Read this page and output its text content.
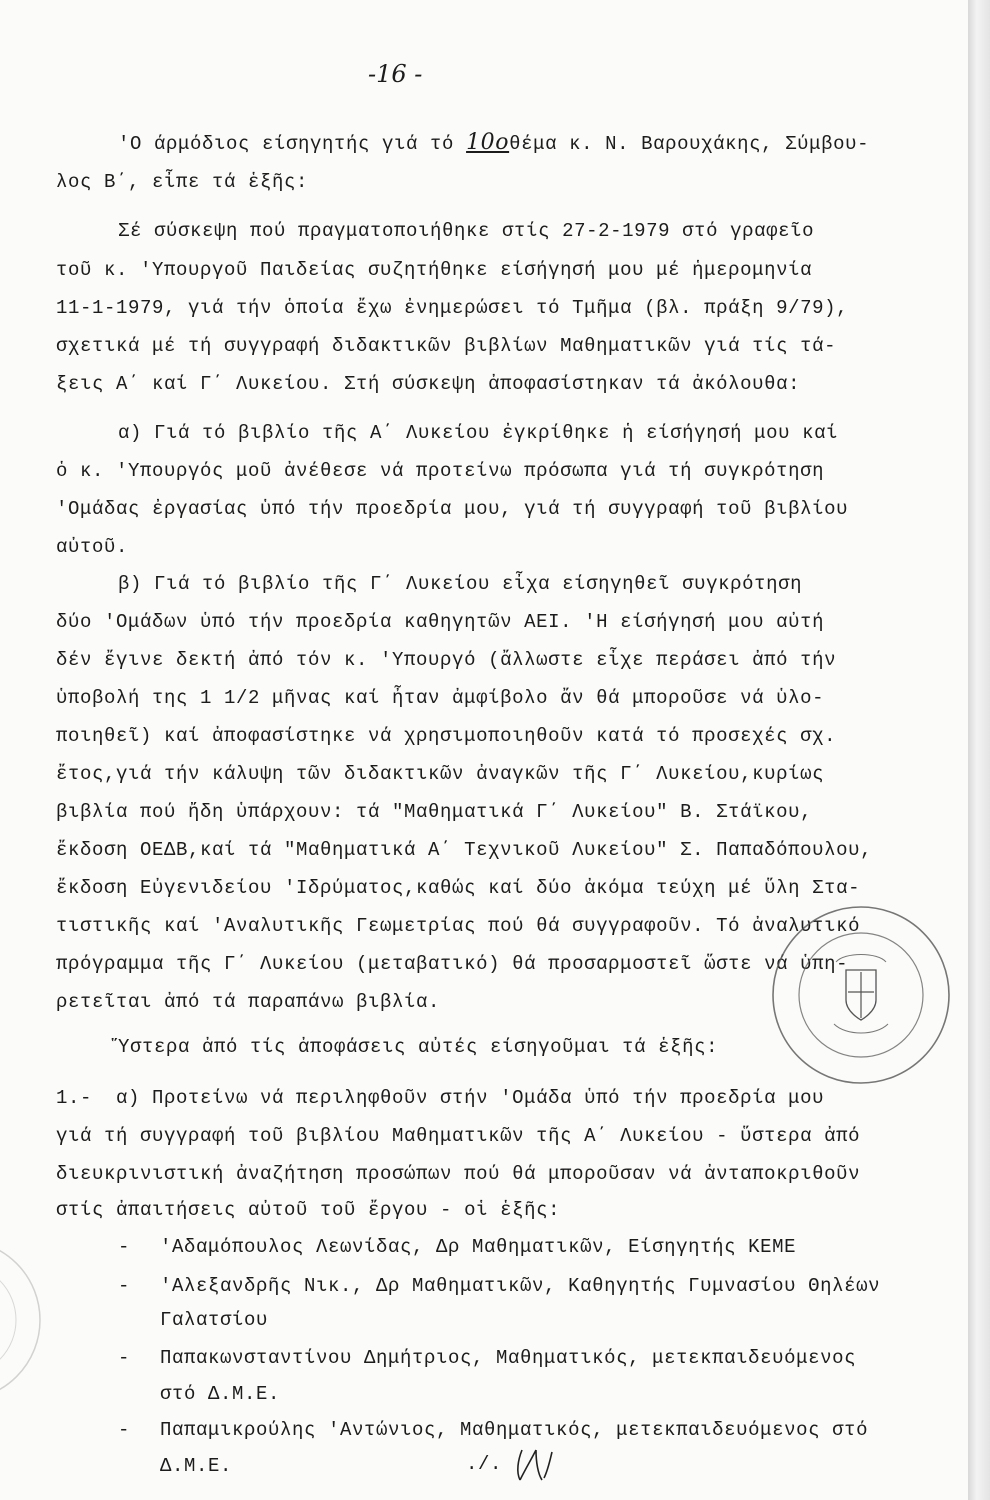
-16 -
'Ο άρμόδιος είσηγητής γιά τό 10οθέμα κ. Ν. Βαρουχάκης, Σύμβου-
λος Β΄, εἶπε τά ἑξῆς:
Σέ σύσκεψη πού πραγματοποιήθηκε στίς 27-2-1979 στό γραφεῖο
τοῦ κ. 'Υπουργοῦ Παιδείας συζητήθηκε είσήγησή μου μέ ἡμερομηνία
11-1-1979, γιά τήν ὁποία ἔχω ἐνημερώσει τό Τμῆμα (βλ. πράξη 9/79),
σχετικά μέ τή συγγραφή διδακτικῶν βιβλίων Μαθηματικῶν γιά τίς τά-
ξεις Α΄ καί Γ΄ Λυκείου. Στή σύσκεψη ἀποφασίστηκαν τά ἀκόλουθα:
α) Γιά τό βιβλίο τῆς Α΄ Λυκείου ἐγκρίθηκε ἡ είσήγησή μου καί
ὁ κ. 'Υπουργός μοῦ ἀνέθεσε νά προτείνω πρόσωπα γιά τή συγκρότηση
'Ομάδας ἐργασίας ὑπό τήν προεδρία μου, γιά τή συγγραφή τοῦ βιβλίου
αὐτοῦ.
β) Γιά τό βιβλίο τῆς Γ΄ Λυκείου εἶχα είσηγηθεῖ συγκρότηση
δύο 'Ομάδων ὑπό τήν προεδρία καθηγητῶν ΑΕΙ. 'Η είσήγησή μου αὐτή
δέν ἔγινε δεκτή ἀπό τόν κ. 'Υπουργό (ἄλλωστε εἶχε περάσει ἀπό τήν
ὑποβολή της 1 1/2 μῆνας καί ἦταν ἀμφίβολο ἄν θά μποροῦσε νά ὑλο-
ποιηθεῖ) καί ἀποφασίστηκε νά χρησιμοποιηθοῦν κατά τό προσεχές σχ.
ἔτος,γιά τήν κάλυψη τῶν διδακτικῶν ἀναγκῶν τῆς Γ΄ Λυκείου,κυρίως
βιβλία πού ἤδη ὑπάρχουν: τά "Μαθηματικά Γ΄ Λυκείου" Β. Στάϊκου,
ἔκδοση ΟΕΔΒ,καί τά "Μαθηματικά Α΄ Τεχνικοῦ Λυκείου" Σ. Παπαδόπουλου,
ἔκδοση Εὐγενιδείου 'Ιδρύματος,καθώς καί δύο ἀκόμα τεύχη μέ ὕλη Στα-
τιστικῆς καί 'Αναλυτικῆς Γεωμετρίας πού θά συγγραφοῦν. Τό ἀναλυτικό
πρόγραμμα τῆς Γ΄ Λυκείου (μεταβατικό) θά προσαρμοστεῖ ὥστε νά ὑπη-
ρετεῖται ἀπό τά παραπάνω βιβλία.
Ὕστερα ἀπό τίς ἀποφάσεις αὐτές είσηγοῦμαι τά ἑξῆς:
1.-  α) Προτείνω νά περιληφθοῦν στήν 'Ομάδα ὑπό τήν προεδρία μου
γιά τή συγγραφή τοῦ βιβλίου Μαθηματικῶν τῆς Α΄ Λυκείου - ὕστερα ἀπό
διευκρινιστική ἀναζήτηση προσώπων πού θά μποροῦσαν νά ἀνταποκριθοῦν
στίς ἀπαιτήσεις αὐτοῦ τοῦ ἔργου - οἱ ἑξῆς:
- 'Αδαμόπουλος Λεωνίδας, Δρ Μαθηματικῶν, Είσηγητής ΚΕΜΕ
- 'Αλεξανδρῆς Νικ., Δρ Μαθηματικῶν, Καθηγητής Γυμνασίου Θηλέων
Γαλατσίου
- Παπακωνσταντίνου Δημήτριος, Μαθηματικός, μετεκπαιδευόμενος
στό Δ.Μ.Ε.
- Παπαμικρούλης 'Αντώνιος, Μαθηματικός, μετεκπαιδευόμενος στό
Δ.Μ.Ε.	./.
